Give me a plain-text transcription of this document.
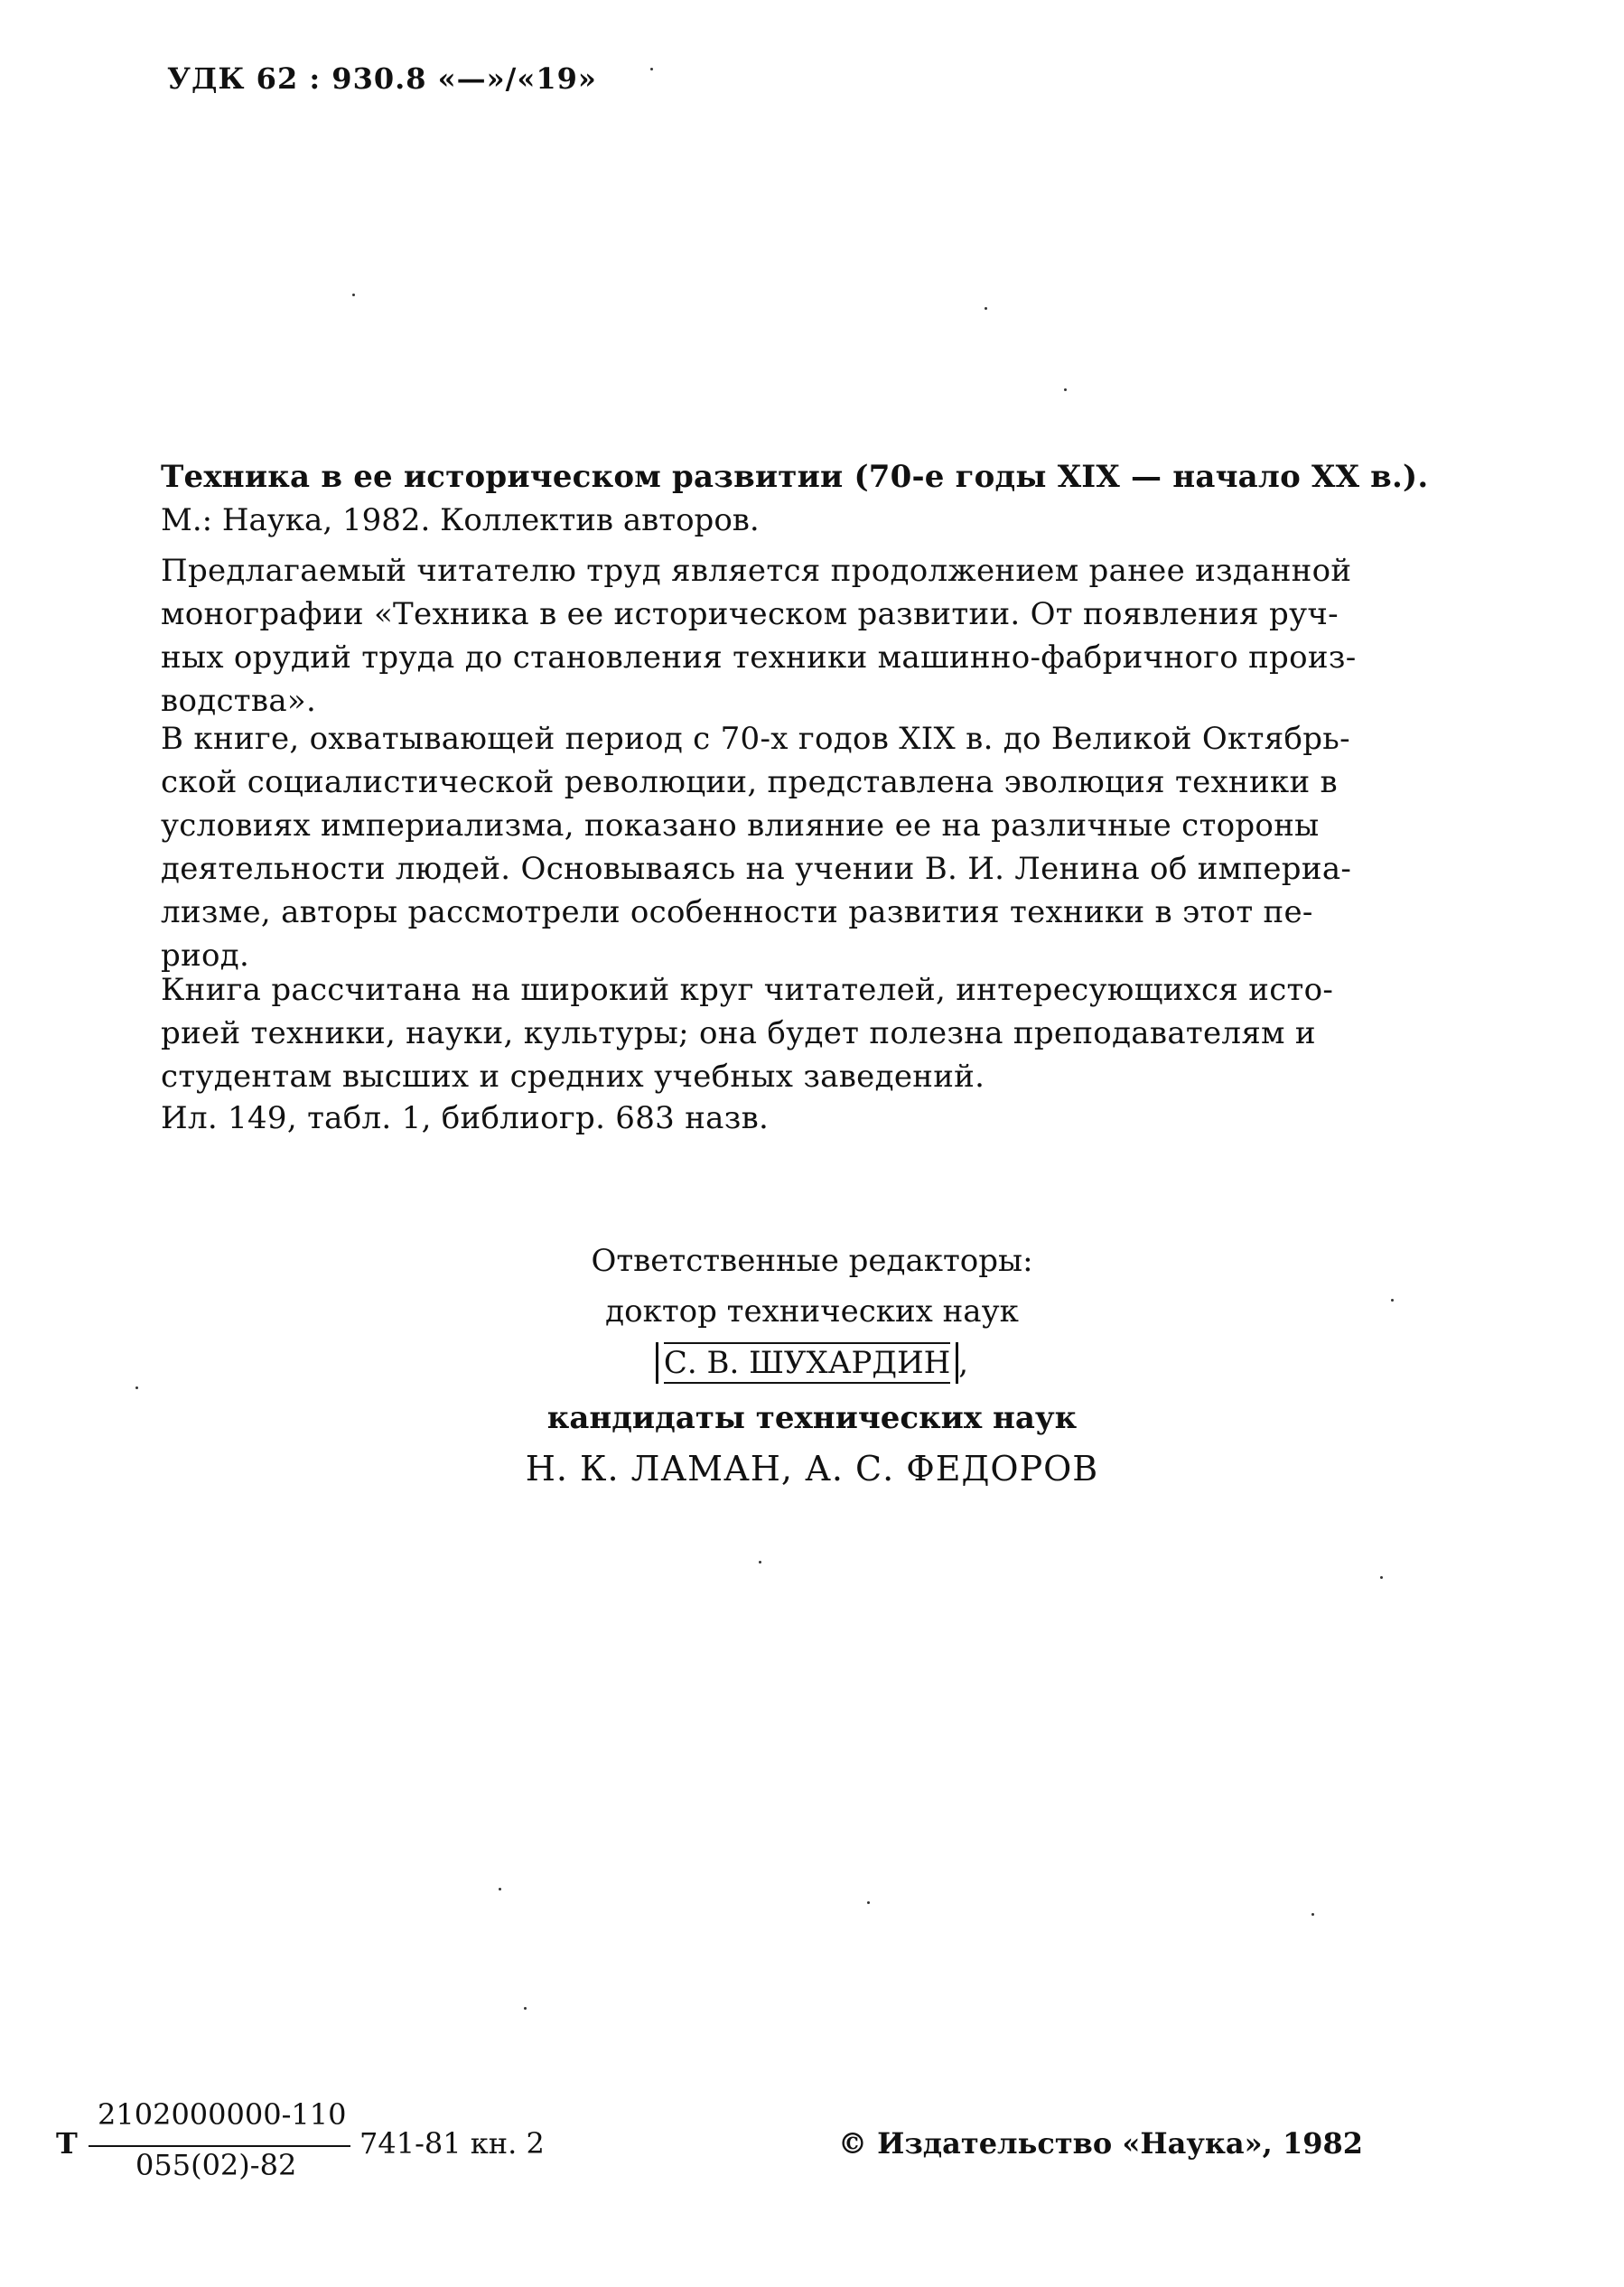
УДК 62 : 930.8 «—»/«19»
Техника в ее историческом развитии (70-е годы XIX — начало XX в.).
М.: Наука, 1982. Коллектив авторов.
Предлагаемый читателю труд является продолжением ранее изданной
монографии «Техника в ее историческом развитии. От появления руч-
ных орудий труда до становления техники машинно-фабричного произ-
водства».
В книге, охватывающей период с 70-х годов XIX в. до Великой Октябрь-
ской социалистической революции, представлена эволюция техники в
условиях империализма, показано влияние ее на различные стороны
деятельности людей. Основываясь на учении В. И. Ленина об империа-
лизме, авторы рассмотрели особенности развития техники в этот пе-
риод.
Книга рассчитана на широкий круг читателей, интересующихся исто-
рией техники, науки, культуры; она будет полезна преподавателям и
студентам высших и средних учебных заведений.
Ил. 149, табл. 1, библиогр. 683 назв.
Ответственные редакторы:
доктор технических наук
С. В. ШУХАРДИН ,
кандидаты технических наук
Н. К. ЛАМАН, А. С. ФЕДОРОВ
Т
2102000000-110
055(02)-82
741-81 кн. 2	© Издательство «Наука», 1982
